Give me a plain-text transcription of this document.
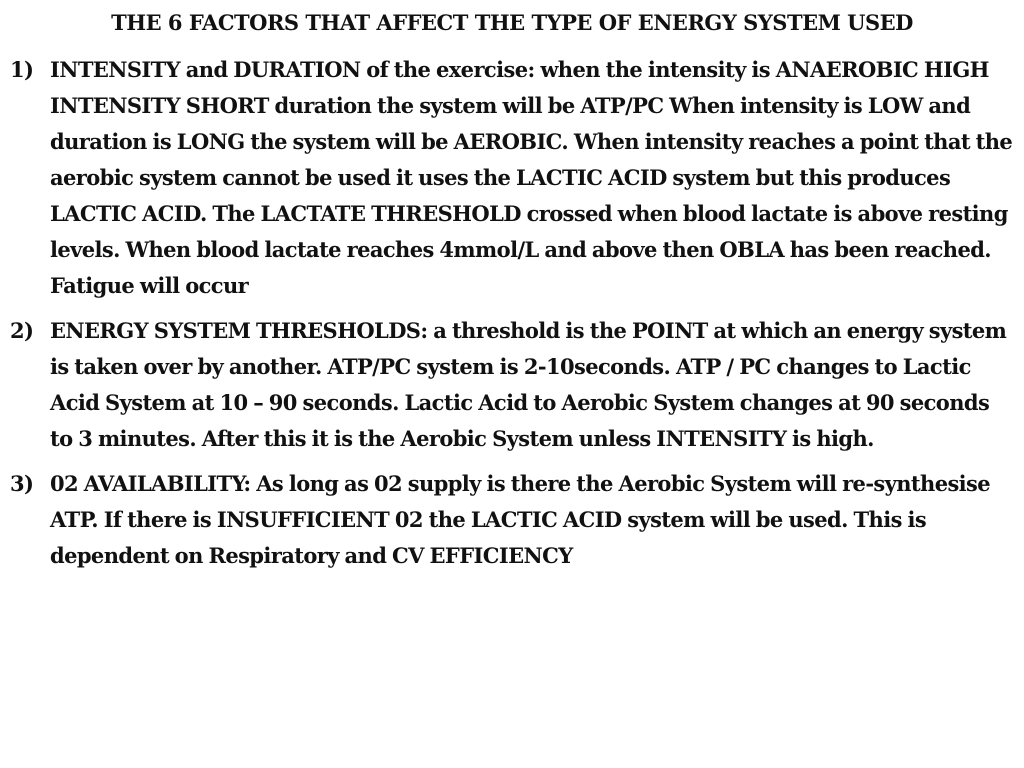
THE 6 FACTORS THAT AFFECT THE TYPE OF ENERGY SYSTEM USED
1) INTENSITY and DURATION of the exercise: when the intensity is ANAEROBIC HIGH INTENSITY SHORT duration the system will be ATP/PC When intensity is LOW and duration is LONG the system will be AEROBIC. When intensity reaches a point that the aerobic system cannot be used it uses the LACTIC ACID system but this produces LACTIC ACID. The LACTATE THRESHOLD crossed when blood lactate is above resting levels. When blood lactate reaches 4mmol/L and above then OBLA has been reached. Fatigue will occur
2) ENERGY SYSTEM THRESHOLDS: a threshold is the POINT at which an energy system is taken over by another. ATP/PC system is 2-10seconds. ATP / PC changes to Lactic Acid System at 10 – 90 seconds. Lactic Acid to Aerobic System changes at 90 seconds to 3 minutes. After this it is the Aerobic System unless INTENSITY is high.
3) 02 AVAILABILITY: As long as 02 supply is there the Aerobic System will re-synthesise ATP. If there is INSUFFICIENT 02 the LACTIC ACID system will be used. This is dependent on Respiratory and CV EFFICIENCY
